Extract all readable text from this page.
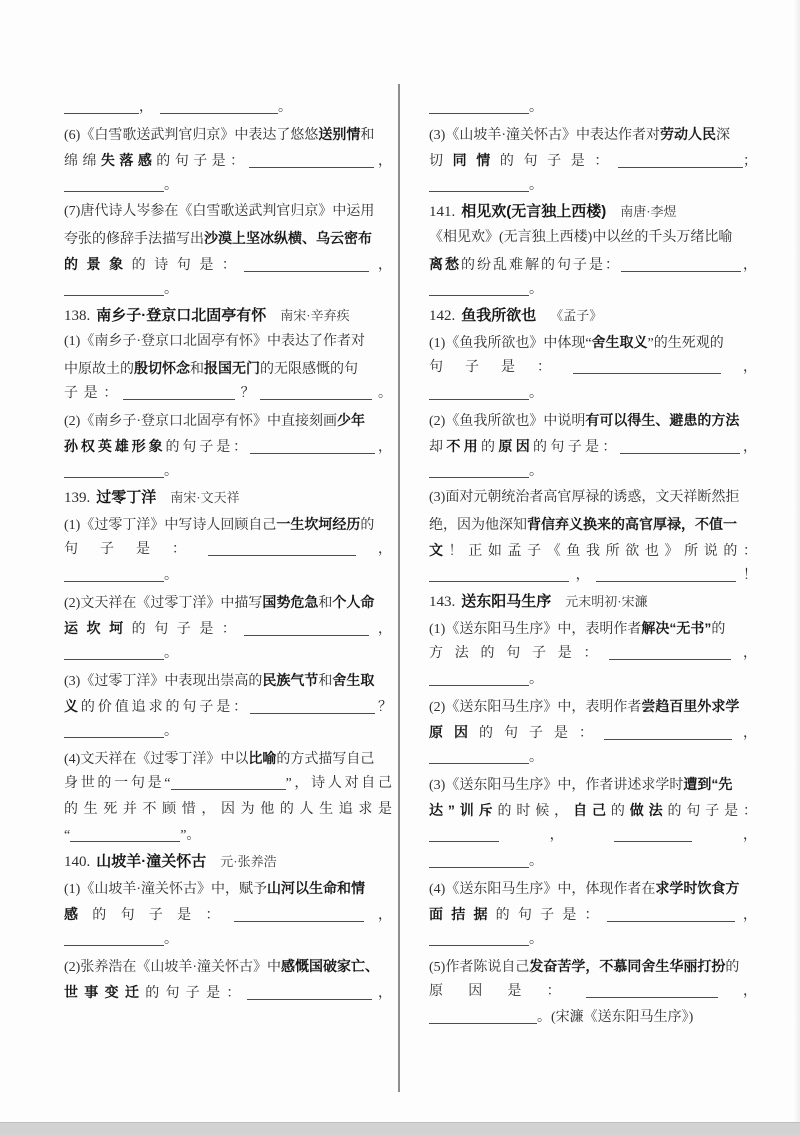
，　	。
(6)《白雪歌送武判官归京》中表达了悠悠送别情和
绵绵失落感的句子是：	，
。
(7)唐代诗人岑参在《白雪歌送武判官归京》中运用
夸张的修辞手法描写出沙漠上坚冰纵横、乌云密布
的景象的诗句是：	，
。
138. 南乡子·登京口北固亭有怀 南宋·辛弃疾
(1)《南乡子·登京口北固亭有怀》中表达了作者对
中原故土的殷切怀念和报国无门的无限感慨的句
子是：	？	。
(2)《南乡子·登京口北固亭有怀》中直接刻画少年
孙权英雄形象的句子是：	，
。
139. 过零丁洋 南宋·文天祥
(1)《过零丁洋》中写诗人回顾自己一生坎坷经历的
句子是：	，
。
(2)文天祥在《过零丁洋》中描写国势危急和个人命
运坎坷的句子是：	，
。
(3)《过零丁洋》中表现出崇高的民族气节和舍生取
义的价值追求的句子是：	？
。
(4)文天祥在《过零丁洋》中以比喻的方式描写自己
身世的一句是“	”，诗人对自己
的生死并不顾惜，因为他的人生追求是
“	”。
140. 山坡羊·潼关怀古 元·张养浩
(1)《山坡羊·潼关怀古》中，赋予山河以生命和情
感的句子是：	，
。
(2)张养浩在《山坡羊·潼关怀古》中感慨国破家亡、
世事变迁的句子是：	，
。
(3)《山坡羊·潼关怀古》中表达作者对劳动人民深
切同情的句子是：	；
。
141. 相见欢(无言独上西楼) 南唐·李煜
《相见欢》(无言独上西楼)中以丝的千头万绪比喻
离愁的纷乱难解的句子是：	，
。
142. 鱼我所欲也 《孟子》
(1)《鱼我所欲也》中体现“舍生取义”的生死观的
句子是：	，
。
(2)《鱼我所欲也》中说明有可以得生、避患的方法
却不用的原因的句子是：	，
。
(3)面对元朝统治者高官厚禄的诱惑，文天祥断然拒
绝，因为他深知背信弃义换来的高官厚禄，不值一
文！正如孟子《鱼我所欲也》所说的：
，	！
143. 送东阳马生序 元末明初·宋濂
(1)《送东阳马生序》中，表明作者解决“无书”的
方法的句子是：	，
。
(2)《送东阳马生序》中，表明作者尝趋百里外求学
原因的句子是：	，
。
(3)《送东阳马生序》中，作者讲述求学时遭到“先
达”训斥的时候，自己的做法的句子是：
，	，
。
(4)《送东阳马生序》中，体现作者在求学时饮食方
面拮据的句子是：	，
。
(5)作者陈说自己发奋苦学，不慕同舍生华丽打扮的
原因是：	，
。(宋濂《送东阳马生序》)
